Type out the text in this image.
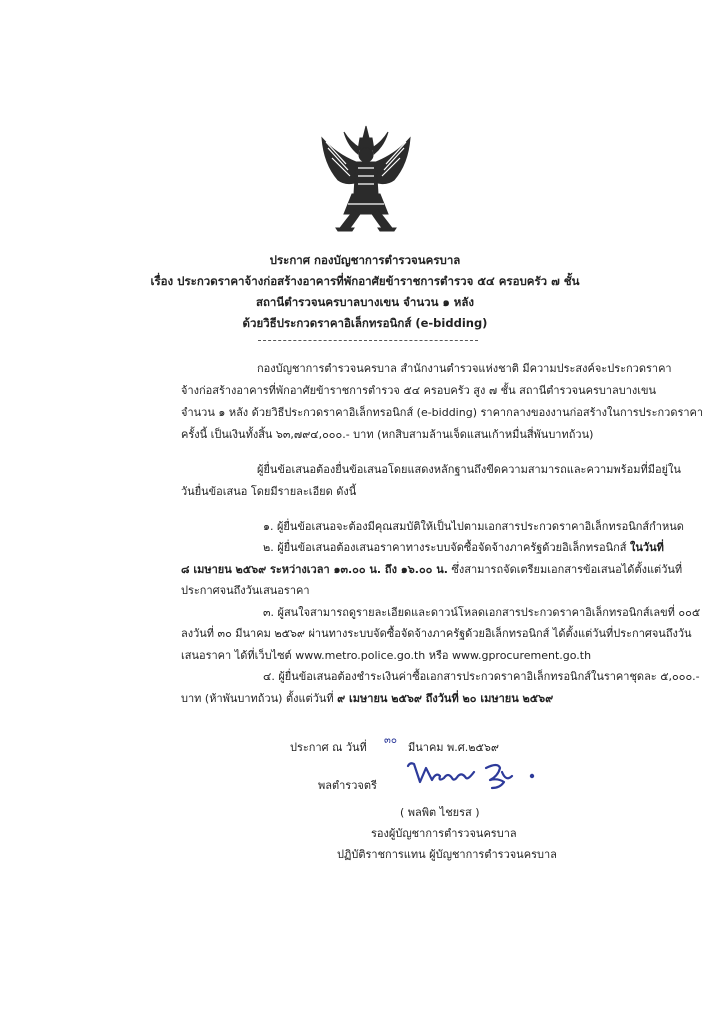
ประกาศ กองบัญชาการตำรวจนครบาล
เรื่อง ประกวดราคาจ้างก่อสร้างอาคารที่พักอาศัยข้าราชการตำรวจ ๕๔ ครอบครัว ๗ ชั้น
สถานีตำรวจนครบาลบางเขน จำนวน ๑ หลัง
ด้วยวิธีประกวดราคาอิเล็กทรอนิกส์ (e-bidding)
กองบัญชาการตำรวจนครบาล สำนักงานตำรวจแห่งชาติ มีความประสงค์จะประกวดราคา
จ้างก่อสร้างอาคารที่พักอาศัยข้าราชการตำรวจ ๕๔ ครอบครัว สูง ๗ ชั้น สถานีตำรวจนครบาลบางเขน
จำนวน ๑ หลัง ด้วยวิธีประกวดราคาอิเล็กทรอนิกส์ (e-bidding) ราคากลางของงานก่อสร้างในการประกวดราคา
ครั้งนี้ เป็นเงินทั้งสิ้น ๖๓,๗๙๔,๐๐๐.- บาท (หกสิบสามล้านเจ็ดแสนเก้าหมื่นสี่พันบาทถ้วน)
ผู้ยื่นข้อเสนอต้องยื่นข้อเสนอโดยแสดงหลักฐานถึงขีดความสามารถและความพร้อมที่มีอยู่ใน
วันยื่นข้อเสนอ โดยมีรายละเอียด ดังนี้
๑. ผู้ยื่นข้อเสนอจะต้องมีคุณสมบัติให้เป็นไปตามเอกสารประกวดราคาอิเล็กทรอนิกส์กำหนด
๒. ผู้ยื่นข้อเสนอต้องเสนอราคาทางระบบจัดซื้อจัดจ้างภาครัฐด้วยอิเล็กทรอนิกส์ ในวันที่
๘ เมษายน ๒๕๖๙ ระหว่างเวลา ๑๓.๐๐ น. ถึง ๑๖.๐๐ น. ซึ่งสามารถจัดเตรียมเอกสารข้อเสนอได้ตั้งแต่วันที่
ประกาศจนถึงวันเสนอราคา
๓. ผู้สนใจสามารถดูรายละเอียดและดาวน์โหลดเอกสารประกวดราคาอิเล็กทรอนิกส์เลขที่ ๐๐๕
ลงวันที่ ๓๐ มีนาคม ๒๕๖๙ ผ่านทางระบบจัดซื้อจัดจ้างภาครัฐด้วยอิเล็กทรอนิกส์ ได้ตั้งแต่วันที่ประกาศจนถึงวัน
เสนอราคา ได้ที่เว็บไซต์ www.metro.police.go.th หรือ www.gprocurement.go.th
๔. ผู้ยื่นข้อเสนอต้องชำระเงินค่าซื้อเอกสารประกวดราคาอิเล็กทรอนิกส์ในราคาชุดละ ๕,๐๐๐.-
บาท (ห้าพันบาทถ้วน) ตั้งแต่วันที่ ๙ เมษายน ๒๕๖๙ ถึงวันที่ ๒๐ เมษายน ๒๕๖๙
ประกาศ ณ วันที่
๓๐
มีนาคม พ.ศ.๒๕๖๙
พลตำรวจตรี
( พลพิต ไชยรส )
รองผู้บัญชาการตำรวจนครบาล
ปฏิบัติราชการแทน ผู้บัญชาการตำรวจนครบาล
